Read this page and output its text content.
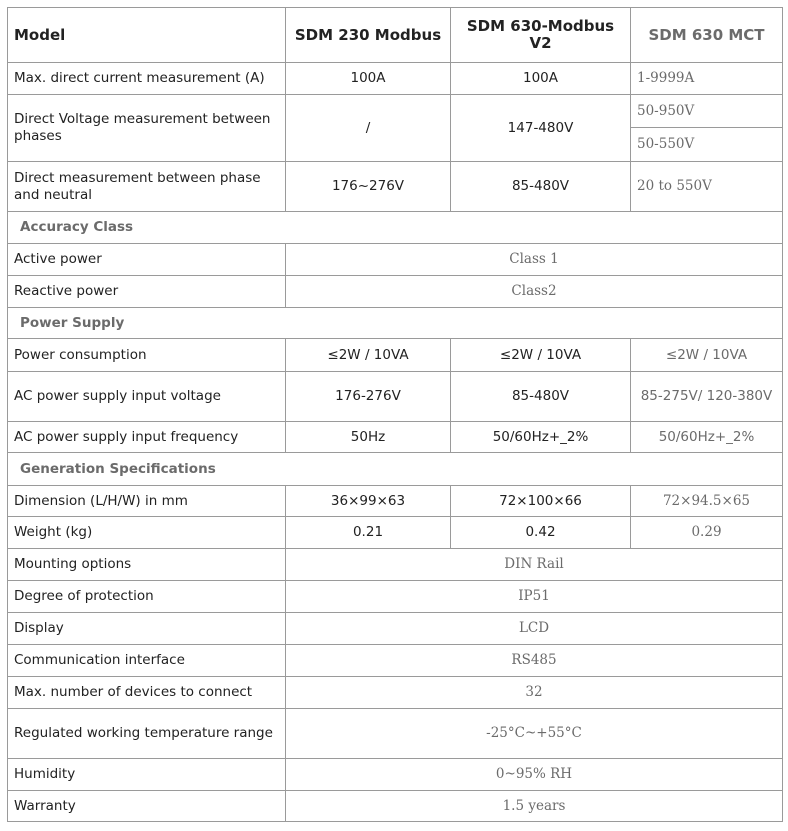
Model	SDM 230 Modbus	SDM 630-Modbus V2	SDM 630 MCT
Max. direct current measurement (A)	100A	100A	1-9999A
Direct Voltage measurement between phases	/	147-480V	50-950V
			50-550V
Direct measurement between phase and neutral	176~276V	85-480V	20 to 550V
Accuracy Class			
Active power	Class 1		
Reactive power	Class2		
Power Supply			
Power consumption	≤2W / 10VA	≤2W / 10VA	≤2W / 10VA
AC power supply input voltage	176-276V	85-480V	85-275V/ 120-380V
AC power supply input frequency	50Hz	50/60Hz+_2%	50/60Hz+_2%
Generation Specifications			
Dimension (L/H/W) in mm	36×99×63	72×100×66	72×94.5×65
Weight (kg)	0.21	0.42	0.29
Mounting options	DIN Rail		
Degree of protection	IP51		
Display	LCD		
Communication interface	RS485		
Max. number of devices to connect	32		
Regulated working temperature range	-25°C~+55°C		
Humidity	0~95% RH		
Warranty	1.5 years		
